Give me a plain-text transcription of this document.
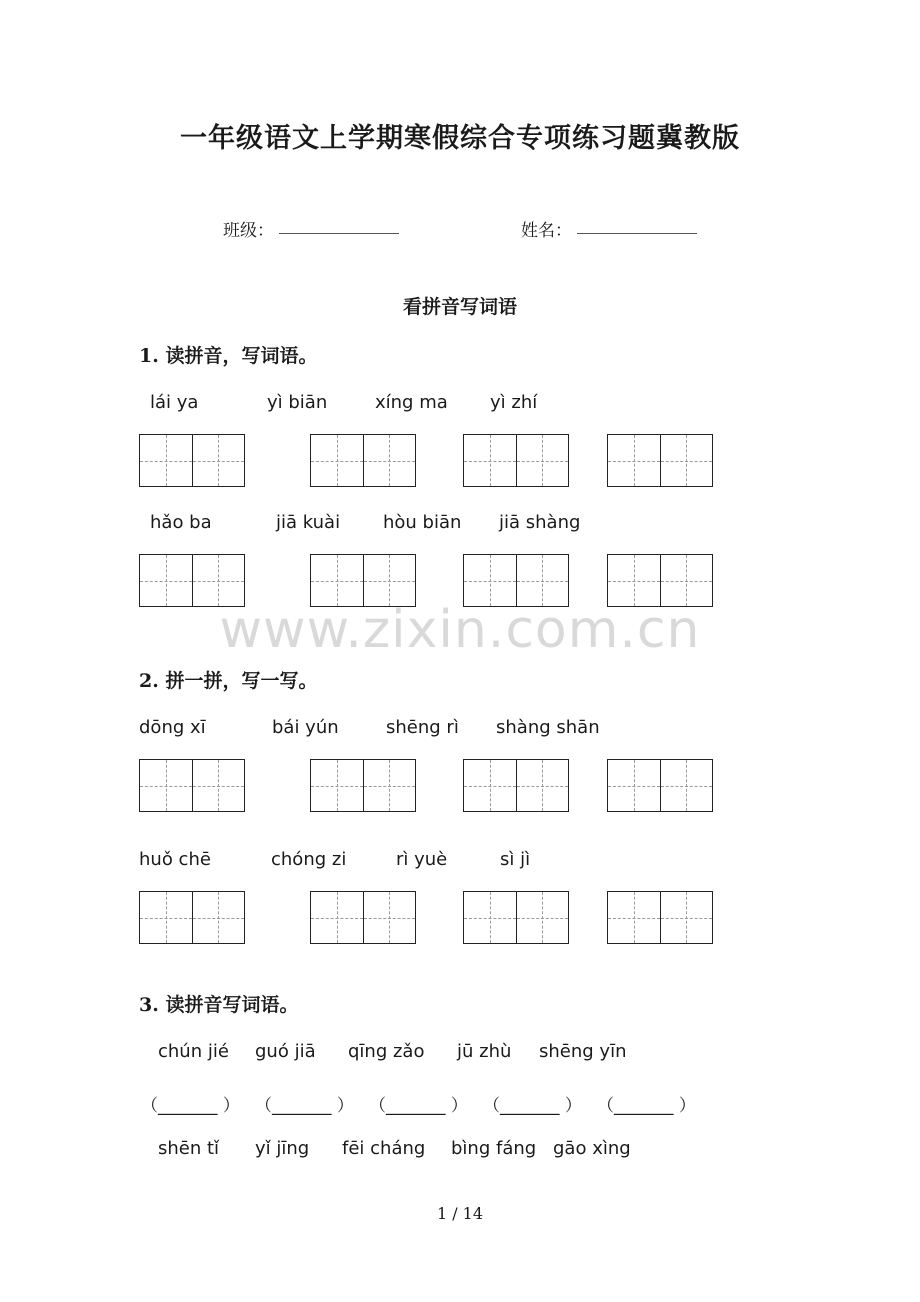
一年级语文上学期寒假综合专项练习题冀教版
班级：	姓名：
看拼音写词语
1. 读拼音，写词语。
lái ya	yì biān	xíng ma yì zhí
hǎo ba	jiā kuài hòu biān jiā shàng
www.zixin.com.cn
2. 拼一拼，写一写。
dōng xī	bái yún	shēng rì shàng shān
huǒ chē	chóng zi	rì yuè	sì jì
3. 读拼音写词语。
chún jié guó jiā qīng zǎo jū zhù shēng yīn
（_______ ） （_______ ） （_______ ） （_______ ） （_______ ）
shēn tǐ yǐ jīng fēi cháng bìng fáng gāo xìng
1 / 14
